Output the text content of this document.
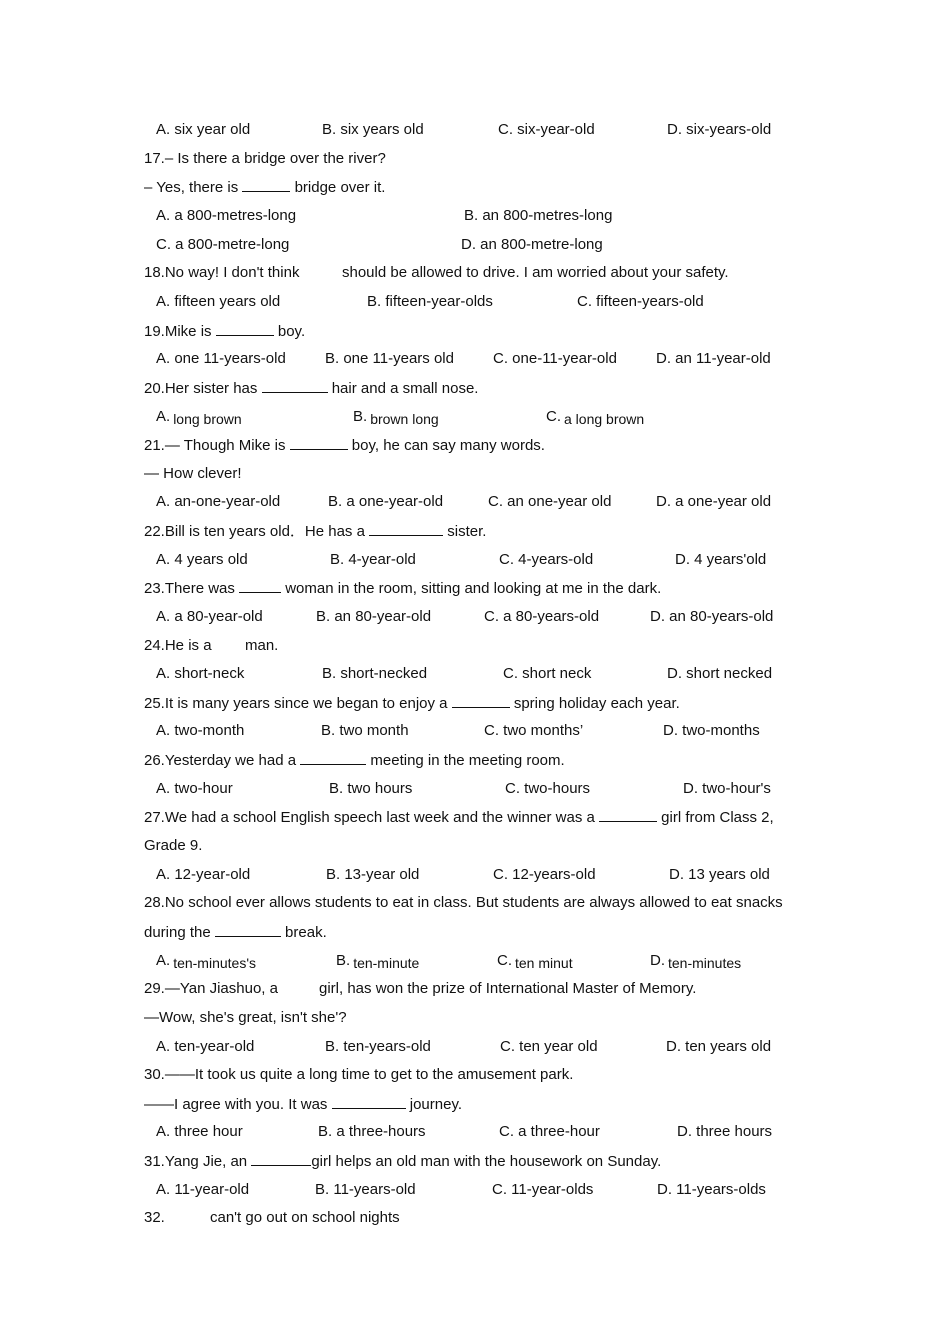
A. six year old	B. six years old	C. six-year-old	D. six-years-old
17.– Is there a bridge over the river?
– Yes, there is	bridge over it.
A. a 800-metres-long	B. an 800-metres-long
C. a 800-metre-long	D. an 800-metre-long
18.No way! I don't think	should be allowed to drive. I am worried about your safety.
A. fifteen years old	B. fifteen-year-olds	C. fifteen-years-old
19.Mike is	boy.
A. one 11-years-old	B. one 11-years old	C. one-11-year-old	D. an 11-year-old
20.Her sister has	hair and a small nose.
A. long brown	B. brown long	C. a long brown
21.— Though Mike is	boy, he can say many words.
— How clever!
A. an-one-year-old	B. a one-year-old	C. an one-year old	D. a one-year old
22.Bill is ten years old．He has a	sister.
A. 4 years old	B. 4-year-old	C. 4-years-old	D. 4 years'old
23.There was	woman in the room, sitting and looking at me in the dark.
A. a 80-year-old	B. an 80-year-old	C. a 80-years-old	D. an 80-years-old
24.He is a man.
A. short-neck	B. short-necked	C. short neck	D. short necked
25.It is many years since we began to enjoy a	spring holiday each year.
A. two-month	B. two month	C. two months’	D. two-months
26.Yesterday we had a	meeting in the meeting room.
A. two-hour	B. two hours	C. two-hours	D. two-hour's
27.We had a school English speech last week and the winner was a	girl from Class 2,
Grade 9.
A. 12-year-old	B. 13-year old	C. 12-years-old	D. 13 years old
28.No school ever allows students to eat in class. But students are always allowed to eat snacks
during the	break.
A. ten-minutes's	B. ten-minute	C. ten minut	D. ten-minutes
29.—Yan Jiashuo, a	girl, has won the prize of International Master of Memory.
—Wow, she's great, isn't she'?
A. ten-year-old	B. ten-years-old	C. ten year old	D. ten years old
30.——It took us quite a long time to get to the amusement park.
——I agree with you. It was	journey.
A. three hour	B. a three-hours	C. a three-hour	D. three hours
31.Yang Jie, an	girl helps an old man with the housework on Sunday.
A. 11-year-old	B. 11-years-old	C. 11-year-olds	D. 11-years-olds
32.	can't go out on school nights
